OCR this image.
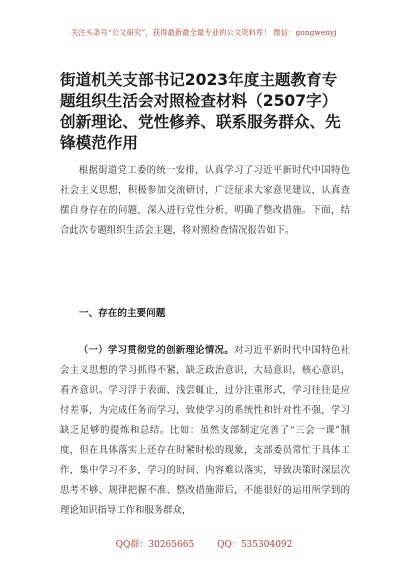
关注头条号“公文研究”，获得最新最全最专业的公文资料库！ 微信：gongwenyj
街道机关支部书记2023年度主题教育专题组织生活会对照检查材料（2507字）创新理论、党性修养、联系服务群众、先锋模范作用

根据街道党工委的统一安排，认真学习了习近平新时代中国特色社会主义思想，积极参加交流研讨，广泛征求大家意见建议，认真查摆自身存在的问题，深入进行党性分析，明确了整改措施。下面，结合此次专题组织生活会主题，将对照检查情况报告如下。

一、存在的主要问题

（一）学习贯彻党的创新理论情况。对习近平新时代中国特色社会主义思想的学习抓得不紧，缺乏政治意识，大局意识，核心意识，看齐意识。学习浮于表面、浅尝辄止，过分注重形式，学习往往是应付差事，为完成任务而学习，致使学习的系统性和针对性不强，学习缺乏足够的提炼和总结。比如：虽然支部制定完善了“三会一课”制度，但在具体落实上还存在时紧时松的现象，支部委员常忙于具体工作，集中学习不多，学习的时间、内容难以落实，导致决策时深层次思考不够、规律把握不准、整改措施滞后，不能很好的运用所学到的理论知识指导工作和服务群众，

QQ群：30265665	QQ：535304092
